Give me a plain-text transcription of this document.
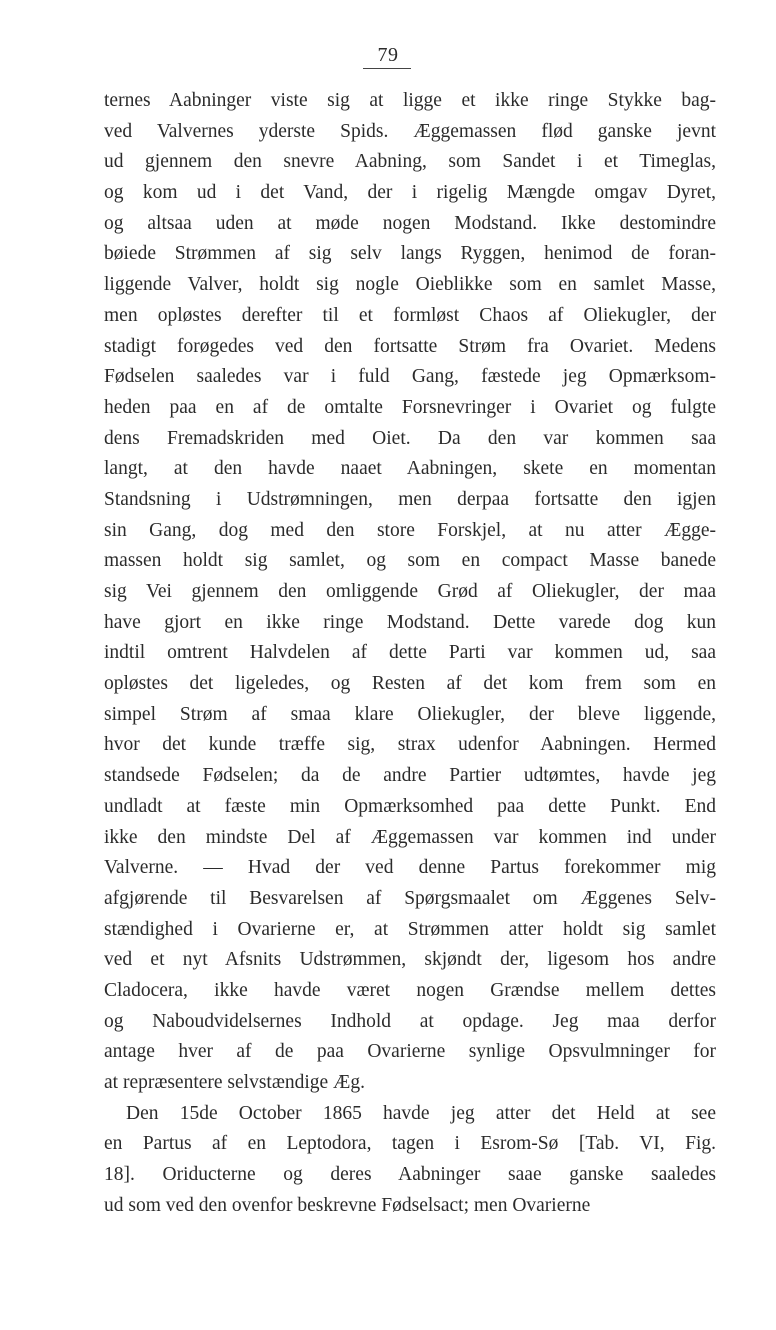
79
ternes Aabninger viste sig at ligge et ikke ringe Stykke bag-
ved Valvernes yderste Spids. Æggemassen flød ganske jevnt
ud gjennem den snevre Aabning, som Sandet i et Timeglas,
og kom ud i det Vand, der i rigelig Mængde omgav Dyret,
og altsaa uden at møde nogen Modstand. Ikke destomindre
bøiede Strømmen af sig selv langs Ryggen, henimod de foran-
liggende Valver, holdt sig nogle Oieblikke som en samlet Masse,
men opløstes derefter til et formløst Chaos af Oliekugler, der
stadigt forøgedes ved den fortsatte Strøm fra Ovariet. Medens
Fødselen saaledes var i fuld Gang, fæstede jeg Opmærksom-
heden paa en af de omtalte Forsnevringer i Ovariet og fulgte
dens Fremadskriden med Oiet. Da den var kommen saa
langt, at den havde naaet Aabningen, skete en momentan
Standsning i Udstrømningen, men derpaa fortsatte den igjen
sin Gang, dog med den store Forskjel, at nu atter Ægge-
massen holdt sig samlet, og som en compact Masse banede
sig Vei gjennem den omliggende Grød af Oliekugler, der maa
have gjort en ikke ringe Modstand. Dette varede dog kun
indtil omtrent Halvdelen af dette Parti var kommen ud, saa
opløstes det ligeledes, og Resten af det kom frem som en
simpel Strøm af smaa klare Oliekugler, der bleve liggende,
hvor det kunde træffe sig, strax udenfor Aabningen. Hermed
standsede Fødselen; da de andre Partier udtømtes, havde jeg
undladt at fæste min Opmærksomhed paa dette Punkt. End
ikke den mindste Del af Æggemassen var kommen ind under
Valverne. — Hvad der ved denne Partus forekommer mig
afgjørende til Besvarelsen af Spørgsmaalet om Æggenes Selv-
stændighed i Ovarierne er, at Strømmen atter holdt sig samlet
ved et nyt Afsnits Udstrømmen, skjøndt der, ligesom hos andre
Cladocera, ikke havde været nogen Grændse mellem dettes
og Naboudvidelsernes Indhold at opdage. Jeg maa derfor
antage hver af de paa Ovarierne synlige Opsvulmninger for
at repræsentere selvstændige Æg.
Den 15de October 1865 havde jeg atter det Held at see
en Partus af en Leptodora, tagen i Esrom-Sø [Tab. VI, Fig.
18]. Oriducterne og deres Aabninger saae ganske saaledes
ud som ved den ovenfor beskrevne Fødselsact; men Ovarierne
